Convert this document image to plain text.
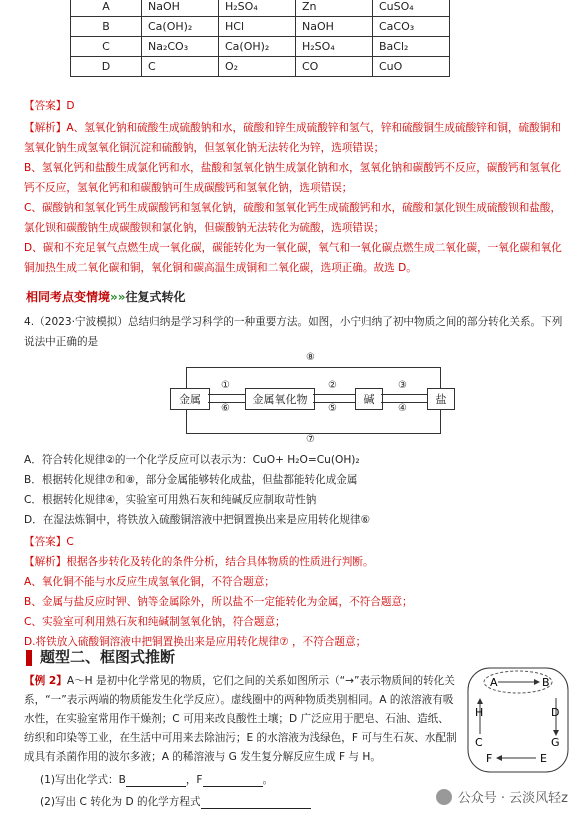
A	NaOH	H₂SO₄	Zn	CuSO₄
B	Ca(OH)₂	HCl	NaOH	CaCO₃
C	Na₂CO₃	Ca(OH)₂	H₂SO₄	BaCl₂
D	C	O₂	CO	CuO
【答案】D
【解析】A、氢氧化钠和硫酸生成硫酸钠和水，硫酸和锌生成硫酸锌和氢气，锌和硫酸铜生成硫酸锌和铜，硫酸铜和氢氧化钠生成氢氧化铜沉淀和硫酸钠，但氢氧化钠无法转化为锌，选项错误；
B、氢氧化钙和盐酸生成氯化钙和水，盐酸和氢氧化钠生成氯化钠和水，氢氧化钠和碳酸钙不反应，碳酸钙和氢氧化钙不反应，氢氧化钙和和碳酸钠可生成碳酸钙和氢氧化钠，选项错误；
C、碳酸钠和氢氧化钙生成碳酸钙和氢氧化钠，硫酸和氢氧化钙生成硫酸钙和水，硫酸和氯化钡生成硫酸钡和盐酸，氯化钡和碳酸钠生成碳酸钡和氯化钠，但碳酸钠无法转化为硫酸，选项错误；
D、碳和不充足氧气点燃生成一氧化碳，碳能转化为一氧化碳，氧气和一氧化碳点燃生成二氧化碳，一氧化碳和氧化铜加热生成二氧化碳和铜，氧化铜和碳高温生成铜和二氧化碳，选项正确。故选 D。
相同考点变情境»»往复式转化
4.（2023·宁波模拟）总结归纳是学习科学的一种重要方法。如图，小宁归纳了初中物质之间的部分转化关系。下列说法中正确的是
⑧
⑦
金属	金属氧化物	碱	盐
①
⑥
②
⑤
③
④
A．符合转化规律②的一个化学反应可以表示为：CuO+ H₂O=Cu(OH)₂
B．根据转化规律⑦和⑧，部分金属能够转化成盐，但盐都能转化成金属
C．根据转化规律④，实验室可用熟石灰和纯碱反应制取苛性钠
D．在湿法炼铜中，将铁放入硫酸铜溶液中把铜置换出来是应用转化规律⑥
【答案】C
【解析】根据各步转化及转化的条件分析，结合具体物质的性质进行判断。
A、氧化铜不能与水反应生成氢氧化铜，不符合题意；
B、金属与盐反应时钾、钠等金属除外，所以盐不一定能转化为金属，不符合题意；
C、实验室可利用熟石灰和纯碱制氢氧化钠，符合题意；
D.将铁放入硫酸铜溶液中把铜置换出来是应用转化规律⑦ ，不符合题意；
题型二、框图式推断
【例 2】A～H 是初中化学常见的物质，它们之间的关系如图所示（“→”表示物质间的转化关系，“一”表示两端的物质能发生化学反应）。虚线圈中的两种物质类别相同。A 的浓溶液有吸水性，在实验室常用作干燥剂；C 可用来改良酸性土壤；D 广泛应用于肥皂、石油、造纸、纺织和印染等工业，在生活中可用来去除油污；E 的水溶液为浅绿色，F 可与生石灰、水配制成具有杀菌作用的波尔多液；A 的稀溶液与 G 发生复分解反应生成 F 与 H。
(1)写出化学式：B	，F	。
(2)写出 C 转化为 D 的化学方程式
A	B
H	D
C	G
F	E
公众号 · 云淡风轻z
